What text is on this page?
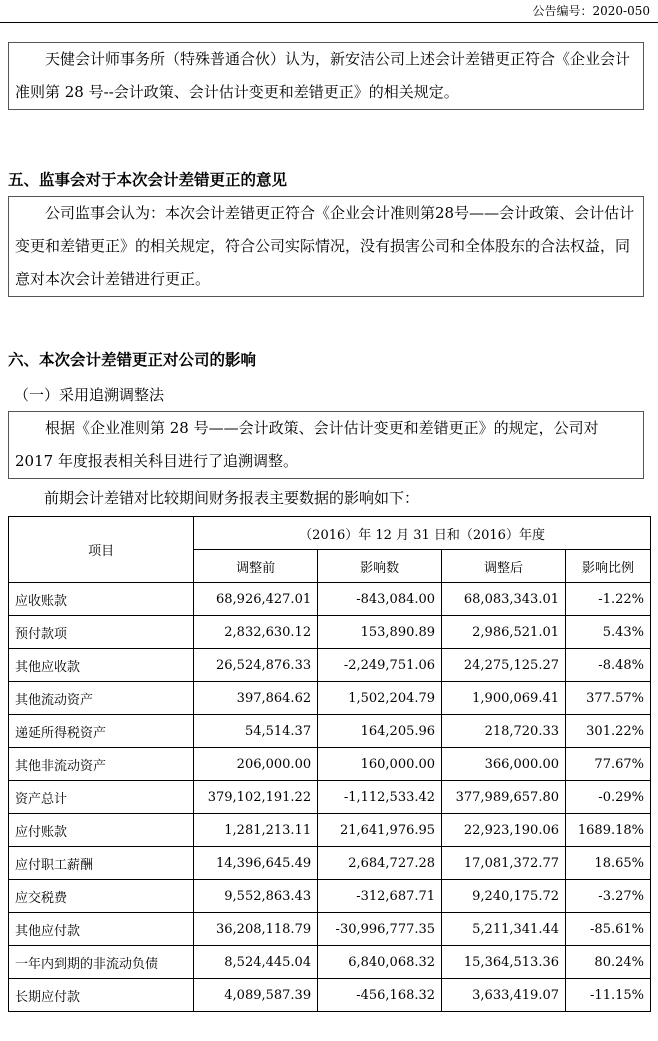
公告编号：2020-050

天健会计师事务所（特殊普通合伙）认为，新安洁公司上述会计差错更正符合《企业会计准则第 28 号--会计政策、会计估计变更和差错更正》的相关规定。

五、监事会对于本次会计差错更正的意见

公司监事会认为：本次会计差错更正符合《企业会计准则第28号——会计政策、会计估计变更和差错更正》的相关规定，符合公司实际情况，没有损害公司和全体股东的合法权益，同意对本次会计差错进行更正。

六、本次会计差错更正对公司的影响
（一）采用追溯调整法

根据《企业准则第 28 号——会计政策、会计估计变更和差错更正》的规定，公司对 2017 年度报表相关科目进行了追溯调整。

前期会计差错对比较期间财务报表主要数据的影响如下：
项目	（2016）年 12 月 31 日和（2016）年度			
	调整前	影响数	调整后	影响比例
应收账款	68,926,427.01	-843,084.00	68,083,343.01	-1.22%
预付款项	2,832,630.12	153,890.89	2,986,521.01	5.43%
其他应收款	26,524,876.33	-2,249,751.06	24,275,125.27	-8.48%
其他流动资产	397,864.62	1,502,204.79	1,900,069.41	377.57%
递延所得税资产	54,514.37	164,205.96	218,720.33	301.22%
其他非流动资产	206,000.00	160,000.00	366,000.00	77.67%
资产总计	379,102,191.22	-1,112,533.42	377,989,657.80	-0.29%
应付账款	1,281,213.11	21,641,976.95	22,923,190.06	1689.18%
应付职工薪酬	14,396,645.49	2,684,727.28	17,081,372.77	18.65%
应交税费	9,552,863.43	-312,687.71	9,240,175.72	-3.27%
其他应付款	36,208,118.79	-30,996,777.35	5,211,341.44	-85.61%
一年内到期的非流动负债	8,524,445.04	6,840,068.32	15,364,513.36	80.24%
长期应付款	4,089,587.39	-456,168.32	3,633,419.07	-11.15%
